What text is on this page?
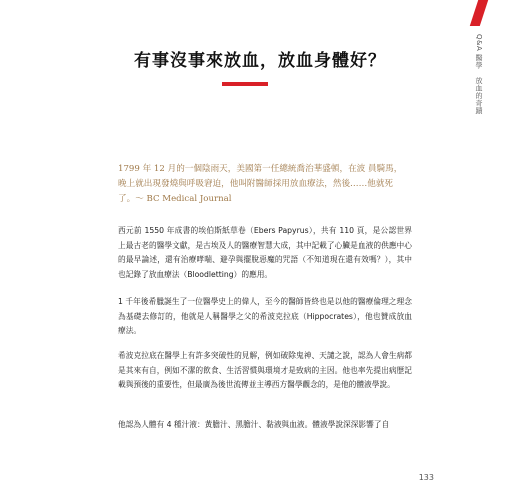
Q&A 醫學放血的奇蹟
有事沒事來放血，放血身體好？
1799 年 12 月的一個陰雨天，美國第一任總統喬治華盛頓，在波 員騎馬，晚上就出現發燒與呼吸窘迫，他叫附醫師採用放血療法，然後……他就死了。～ BC Medical Journal
西元前 1550 年成書的埃伯斯紙草卷（Ebers Papyrus），共有 110 頁，是公認世界上最古老的醫學文獻，是古埃及人的醫療智慧大成，其中記載了心臟是血液的供應中心的最早論述，還有治療哮喘、避孕與擺脫惡魔的咒語（不知道現在還有效嗎？），其中也記錄了放血療法（Bloodletting）的應用。
1 千年後希臘誕生了一位醫學史上的偉人，至今的醫師皆終也是以他的醫療倫理之理念為基礎去修訂的，他就是人稱醫學之父的希波克拉底（Hippocrates），他也贊成放血療法。
希波克拉底在醫學上有許多突破性的見解，例如破除鬼神、天譴之說，認為人會生病都是其來有自，例如不潔的飲食、生活習慣與環境才是致病的主因。他也率先提出病歷記載與預後的重要性，但最廣為後世流傳並主導西方醫學觀念的，是他的體液學說。
他認為人體有 4 種汁液：黃膽汁、黑膽汁、黏液與血液。體液學說深深影響了自
133
